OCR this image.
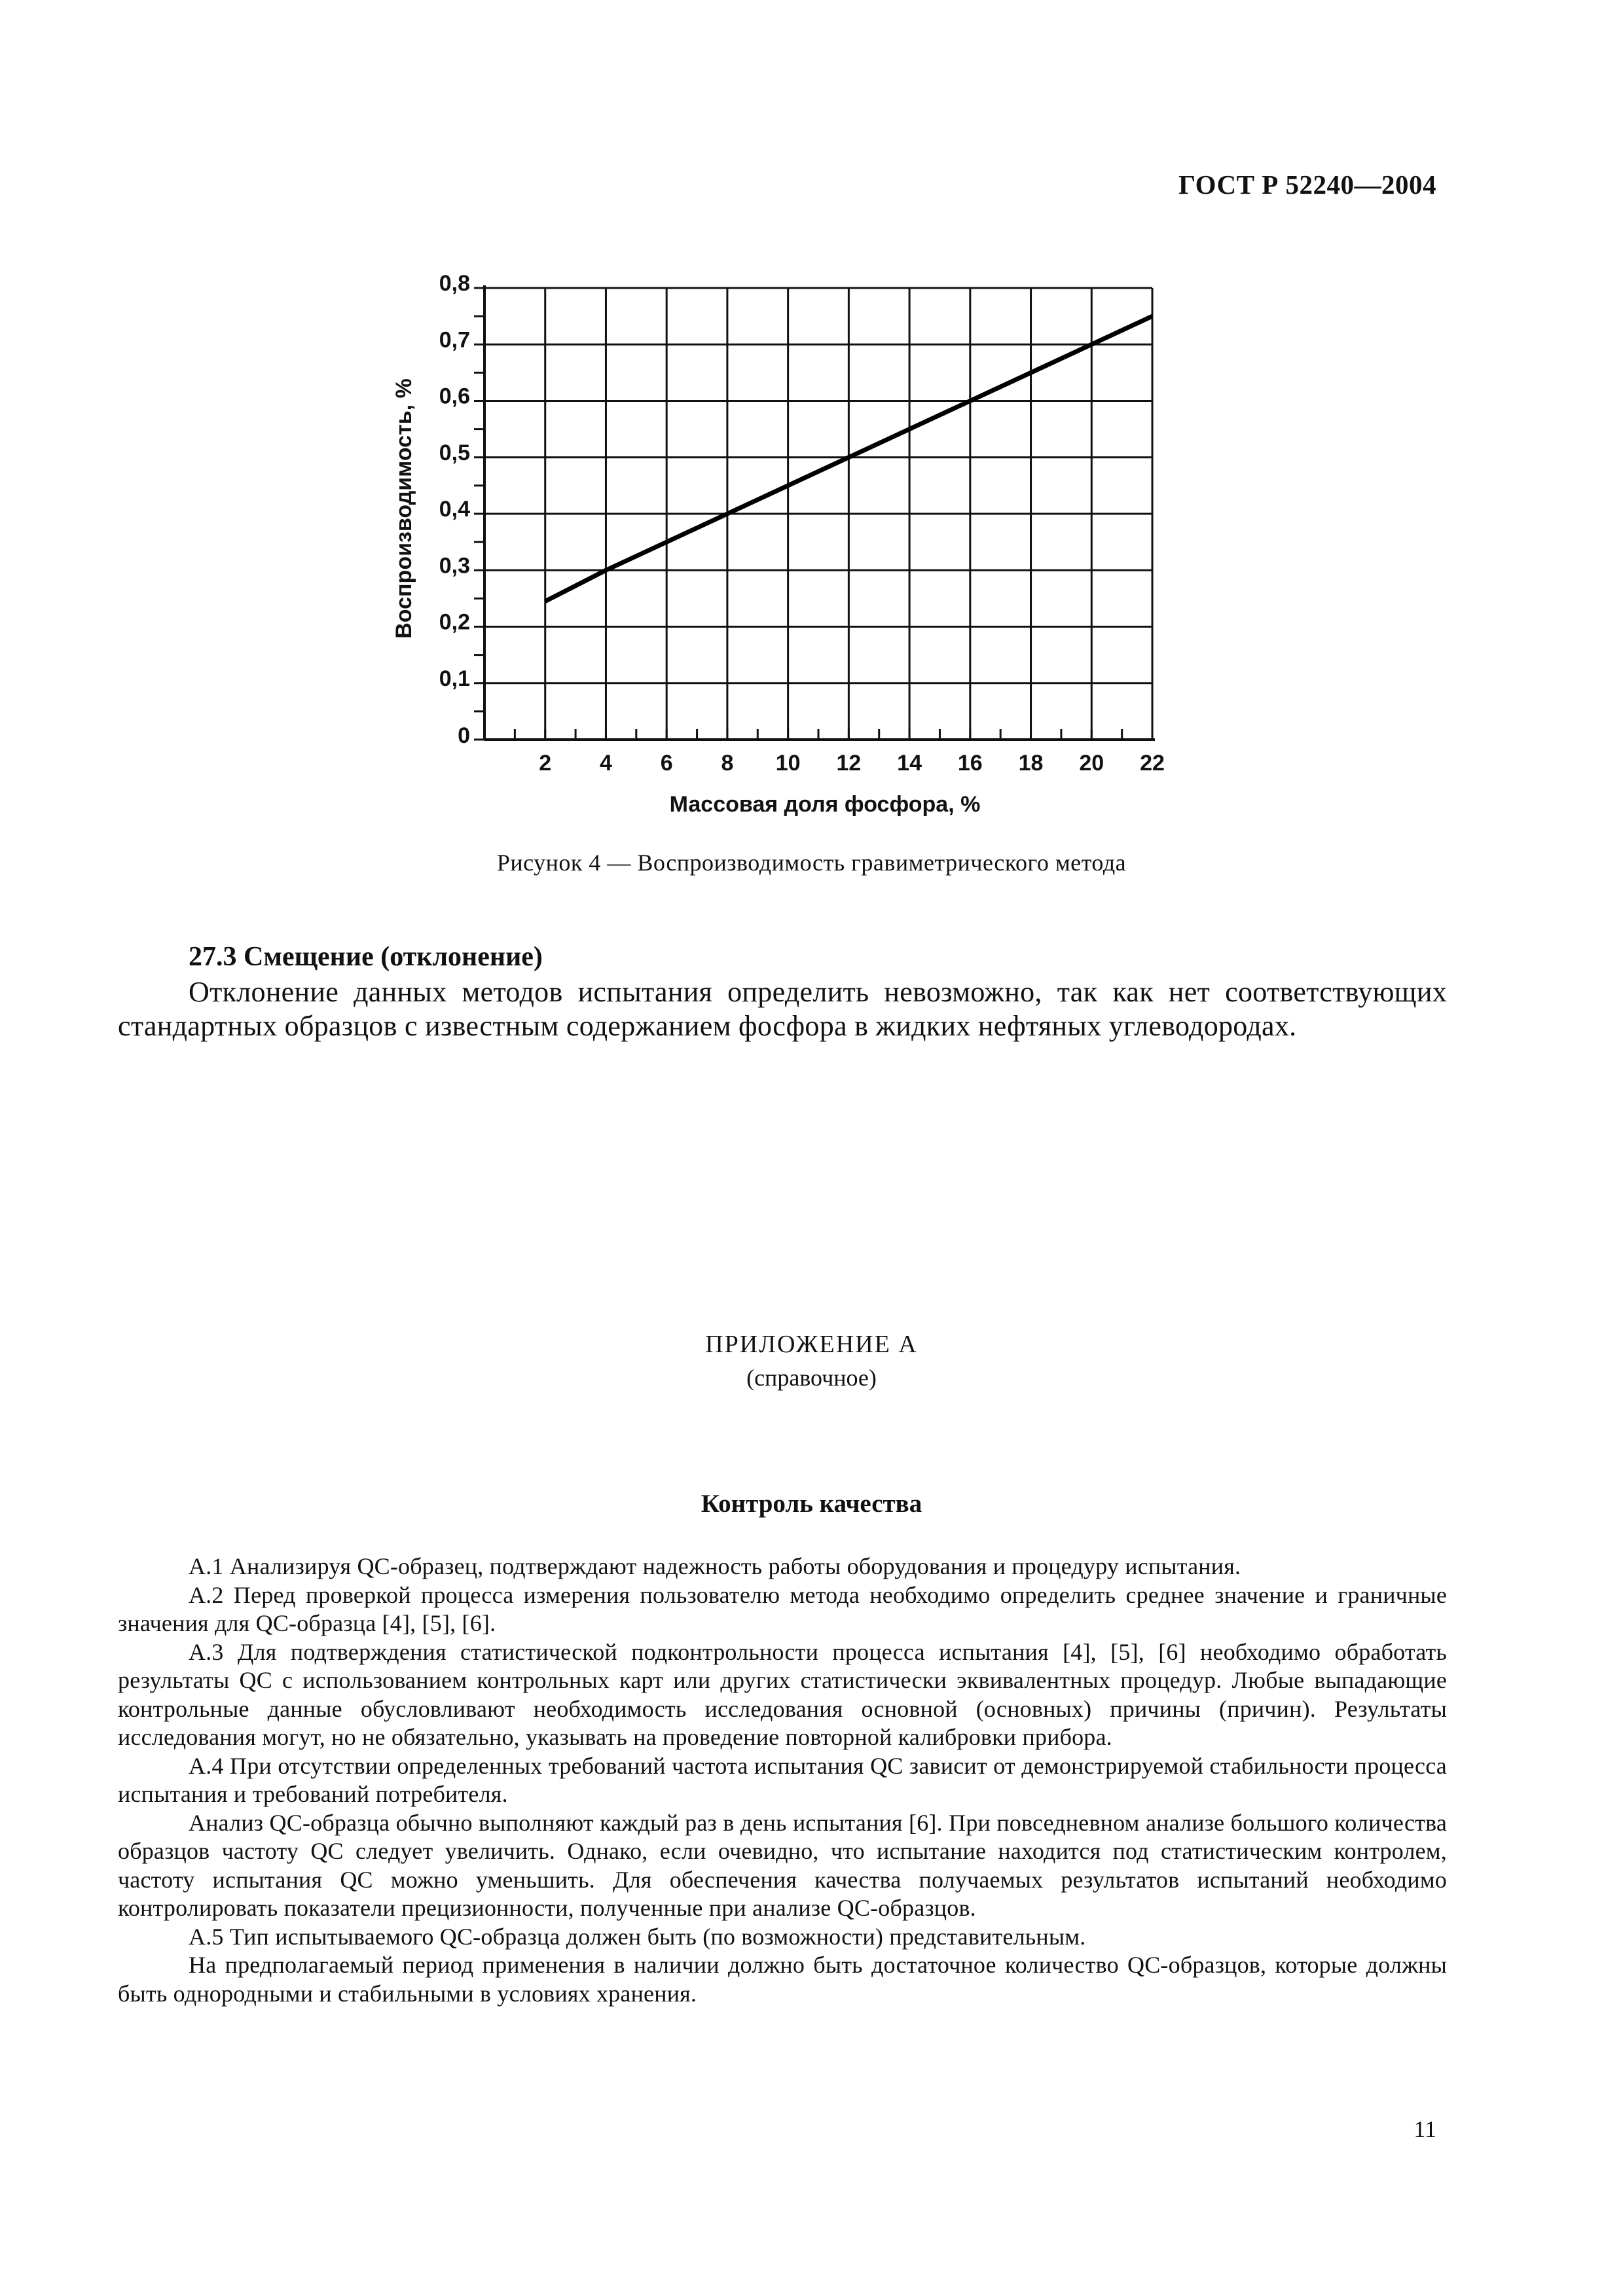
ГОСТ Р 52240—2004
0
0,1
0,2
0,3
0,4
0,5
0,6
0,7
0,8
2 4 6 8 10 12 14 16 18 20 22
Массовая доля фосфора, %
Воспроизводимость, %
Рисунок 4 — Воспроизводимость гравиметрического метода
27.3 Смещение (отклонение)

Отклонение данных методов испытания определить невозможно, так как нет соответствующих стандартных образцов с известным содержанием фосфора в жидких нефтяных углеводородах.

ПРИЛОЖЕНИЕ А
(справочное)
Контроль качества

А.1 Анализируя QC-образец, подтверждают надежность работы оборудования и процедуру испытания.

А.2 Перед проверкой процесса измерения пользователю метода необходимо определить среднее значение и граничные значения для QC-образца [4], [5], [6].

А.3 Для подтверждения статистической подконтрольности процесса испытания [4], [5], [6] необходимо обработать результаты QC с использованием контрольных карт или других статистически эквивалентных процедур. Любые выпадающие контрольные данные обусловливают необходимость исследования основной (основных) причины (причин). Результаты исследования могут, но не обязательно, указывать на проведение повторной калибровки прибора.

А.4 При отсутствии определенных требований частота испытания QC зависит от демонстрируемой стабильности процесса испытания и требований потребителя.

Анализ QC-образца обычно выполняют каждый раз в день испытания [6]. При повседневном анализе большого количества образцов частоту QC следует увеличить. Однако, если очевидно, что испытание находится под статистическим контролем, частоту испытания QC можно уменьшить. Для обеспечения качества получаемых результатов испытаний необходимо контролировать показатели прецизионности, полученные при анализе QC-образцов.

А.5 Тип испытываемого QC-образца должен быть (по возможности) представительным.

На предполагаемый период применения в наличии должно быть достаточное количество QC-образцов, которые должны быть однородными и стабильными в условиях хранения.

11
